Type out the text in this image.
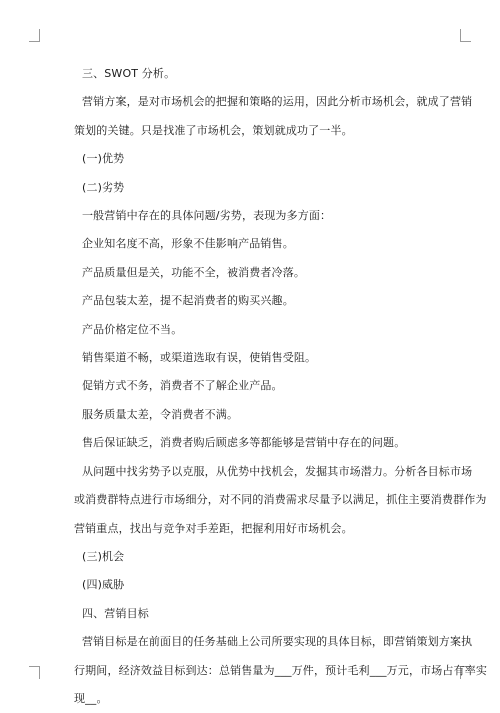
三、SWOT 分析。
营销方案，是对市场机会的把握和策略的运用，因此分析市场机会，就成了营销
策划的关键。只是找准了市场机会，策划就成功了一半。
(一)优势
(二)劣势
一般营销中存在的具体问题/劣势，表现为多方面：
企业知名度不高，形象不佳影响产品销售。
产品质量但是关，功能不全，被消费者冷落。
产品包装太差，提不起消费者的购买兴趣。
产品价格定位不当。
销售渠道不畅，或渠道选取有误，使销售受阻。
促销方式不务，消费者不了解企业产品。
服务质量太差，令消费者不满。
售后保证缺乏，消费者购后顾虑多等都能够是营销中存在的问题。
从问题中找劣势予以克服，从优势中找机会，发掘其市场潜力。分析各目标市场
或消费群特点进行市场细分，对不同的消费需求尽量予以满足，抓住主要消费群作为
营销重点，找出与竞争对手差距，把握利用好市场机会。
(三)机会
(四)威胁
四、营销目标
营销目标是在前面目的任务基础上公司所要实现的具体目标，即营销策划方案执
行期间，经济效益目标到达：总销售量为___万件，预计毛利___万元，市场占有率实
现__。
